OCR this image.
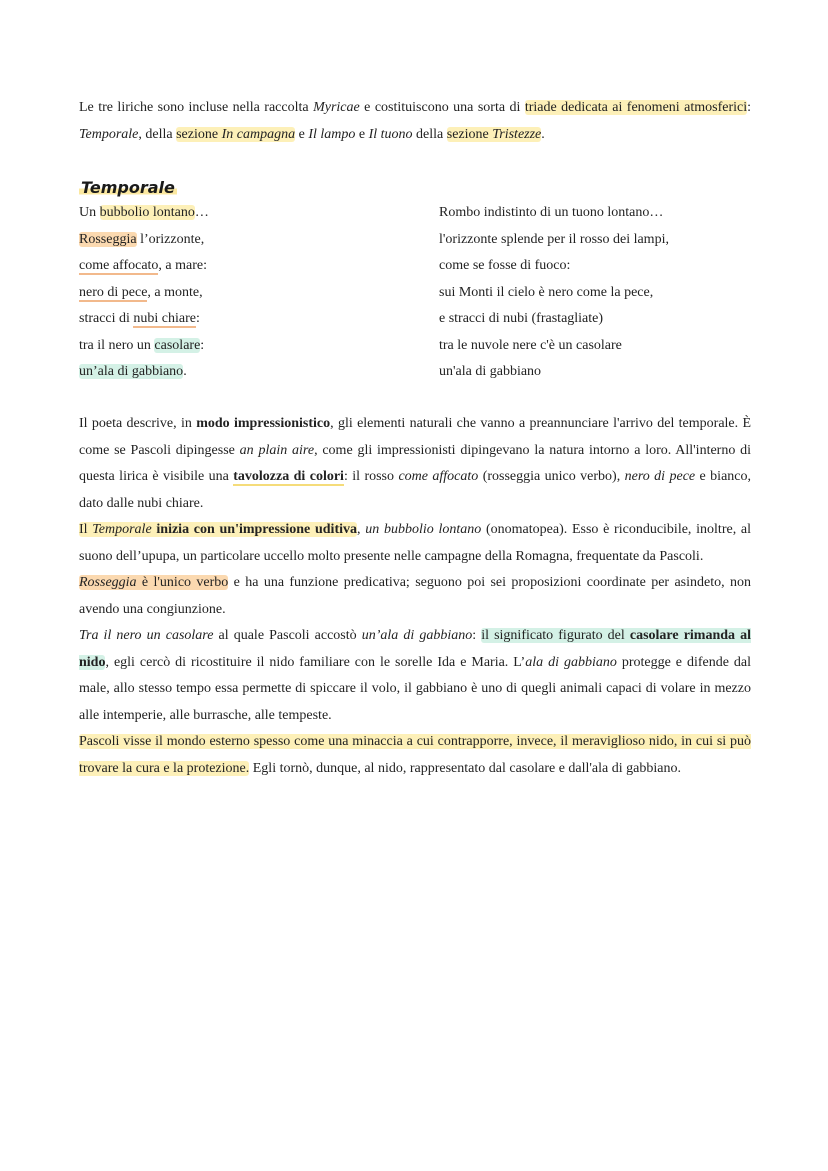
Le tre liriche sono incluse nella raccolta Myricae e costituiscono una sorta di triade dedicata ai fenomeni atmosferici: Temporale, della sezione In campagna e Il lampo e Il tuono della sezione Tristezze.

Temporale
Un bubbolio lontano…
Rosseggia l’orizzonte,
come affocato, a mare:
nero di pece, a monte,
stracci di nubi chiare:
tra il nero un casolare:
un’ala di gabbiano.
Rombo indistinto di un tuono lontano…
l'orizzonte splende per il rosso dei lampi,
come se fosse di fuoco:
sui Monti il cielo è nero come la pece,
e stracci di nubi (frastagliate)
tra le nuvole nere c'è un casolare
un'ala di gabbiano
Il poeta descrive, in modo impressionistico, gli elementi naturali che vanno a preannunciare l'arrivo del temporale. È come se Pascoli dipingesse an plain aire, come gli impressionisti dipingevano la natura intorno a loro. All'interno di questa lirica è visibile una tavolozza di colori: il rosso come affocato (rosseggia unico verbo), nero di pece e bianco, dato dalle nubi chiare.
Il Temporale inizia con un'impressione uditiva, un bubbolio lontano (onomatopea). Esso è riconducibile, inoltre, al suono dell’upupa, un particolare uccello molto presente nelle campagne della Romagna, frequentate da Pascoli.
Rosseggia è l'unico verbo e ha una funzione predicativa; seguono poi sei proposizioni coordinate per asindeto, non avendo una congiunzione.
Tra il nero un casolare al quale Pascoli accostò un’ala di gabbiano: il significato figurato del casolare rimanda al nido, egli cercò di ricostituire il nido familiare con le sorelle Ida e Maria. L’ala di gabbiano protegge e difende dal male, allo stesso tempo essa permette di spiccare il volo, il gabbiano è uno di quegli animali capaci di volare in mezzo alle intemperie, alle burrasche, alle tempeste.
Pascoli visse il mondo esterno spesso come una minaccia a cui contrapporre, invece, il meraviglioso nido, in cui si può trovare la cura e la protezione. Egli tornò, dunque, al nido, rappresentato dal casolare e dall'ala di gabbiano.
